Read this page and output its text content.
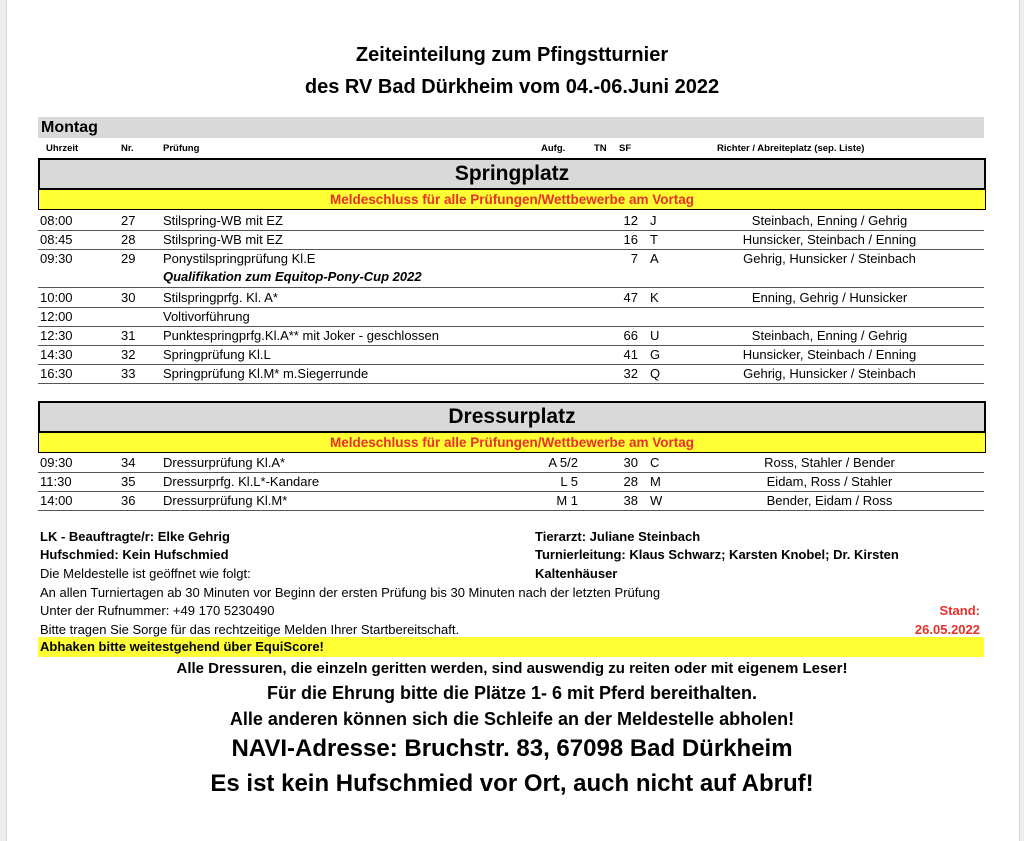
Zeiteinteilung zum Pfingstturnier
des RV Bad Dürkheim vom 04.-06.Juni 2022
Montag
Uhrzeit	Nr.	Prüfung	Aufg.	TN SF	Richter / Abreiteplatz (sep. Liste)
Springplatz
Meldeschluss für alle Prüfungen/Wettbewerbe am Vortag
08:00	27 Stilspring-WB mit EZ	12 J	Steinbach, Enning / Gehrig
08:45	28 Stilspring-WB mit EZ	16 T	Hunsicker, Steinbach / Enning
09:30	29 Ponystilspringprüfung Kl.E	7 A	Gehrig, Hunsicker / Steinbach
Qualifikation zum Equitop-Pony-Cup 2022
10:00	30 Stilspringprfg. Kl. A*	47 K	Enning, Gehrig / Hunsicker
12:00	Voltivorführung
12:30	31 Punktespringprfg.Kl.A** mit Joker - geschlossen	66 U	Steinbach, Enning / Gehrig
14:30	32 Springprüfung Kl.L	41 G	Hunsicker, Steinbach / Enning
16:30	33 Springprüfung Kl.M* m.Siegerrunde	32 Q	Gehrig, Hunsicker / Steinbach
Dressurplatz
Meldeschluss für alle Prüfungen/Wettbewerbe am Vortag
09:30	34 Dressurprüfung Kl.A*	A 5/2	30 C	Ross, Stahler / Bender
11:30	35 Dressurprfg. Kl.L*-Kandare	L 5	28 M	Eidam, Ross / Stahler
14:00	36 Dressurprüfung Kl.M*	M 1	38 W	Bender, Eidam / Ross
LK - Beauftragte/r: Elke Gehrig
Hufschmied: Kein Hufschmied
Die Meldestelle ist geöffnet wie folgt:
An allen Turniertagen ab 30 Minuten vor Beginn der ersten Prüfung bis 30 Minuten nach der letzten Prüfung
Unter der Rufnummer: +49 170 5230490
Bitte tragen Sie Sorge für das rechtzeitige Melden Ihrer Startbereitschaft.
Tierarzt: Juliane Steinbach
Turnierleitung: Klaus Schwarz; Karsten Knobel; Dr. Kirsten
Kaltenhäuser
Stand:
26.05.2022
Abhaken bitte weitestgehend über EquiScore!
Alle Dressuren, die einzeln geritten werden, sind auswendig zu reiten oder mit eigenem Leser!
Für die Ehrung bitte die Plätze 1- 6 mit Pferd bereithalten.
Alle anderen können sich die Schleife an der Meldestelle abholen!
NAVI-Adresse: Bruchstr. 83, 67098 Bad Dürkheim
Es ist kein Hufschmied vor Ort, auch nicht auf Abruf!
